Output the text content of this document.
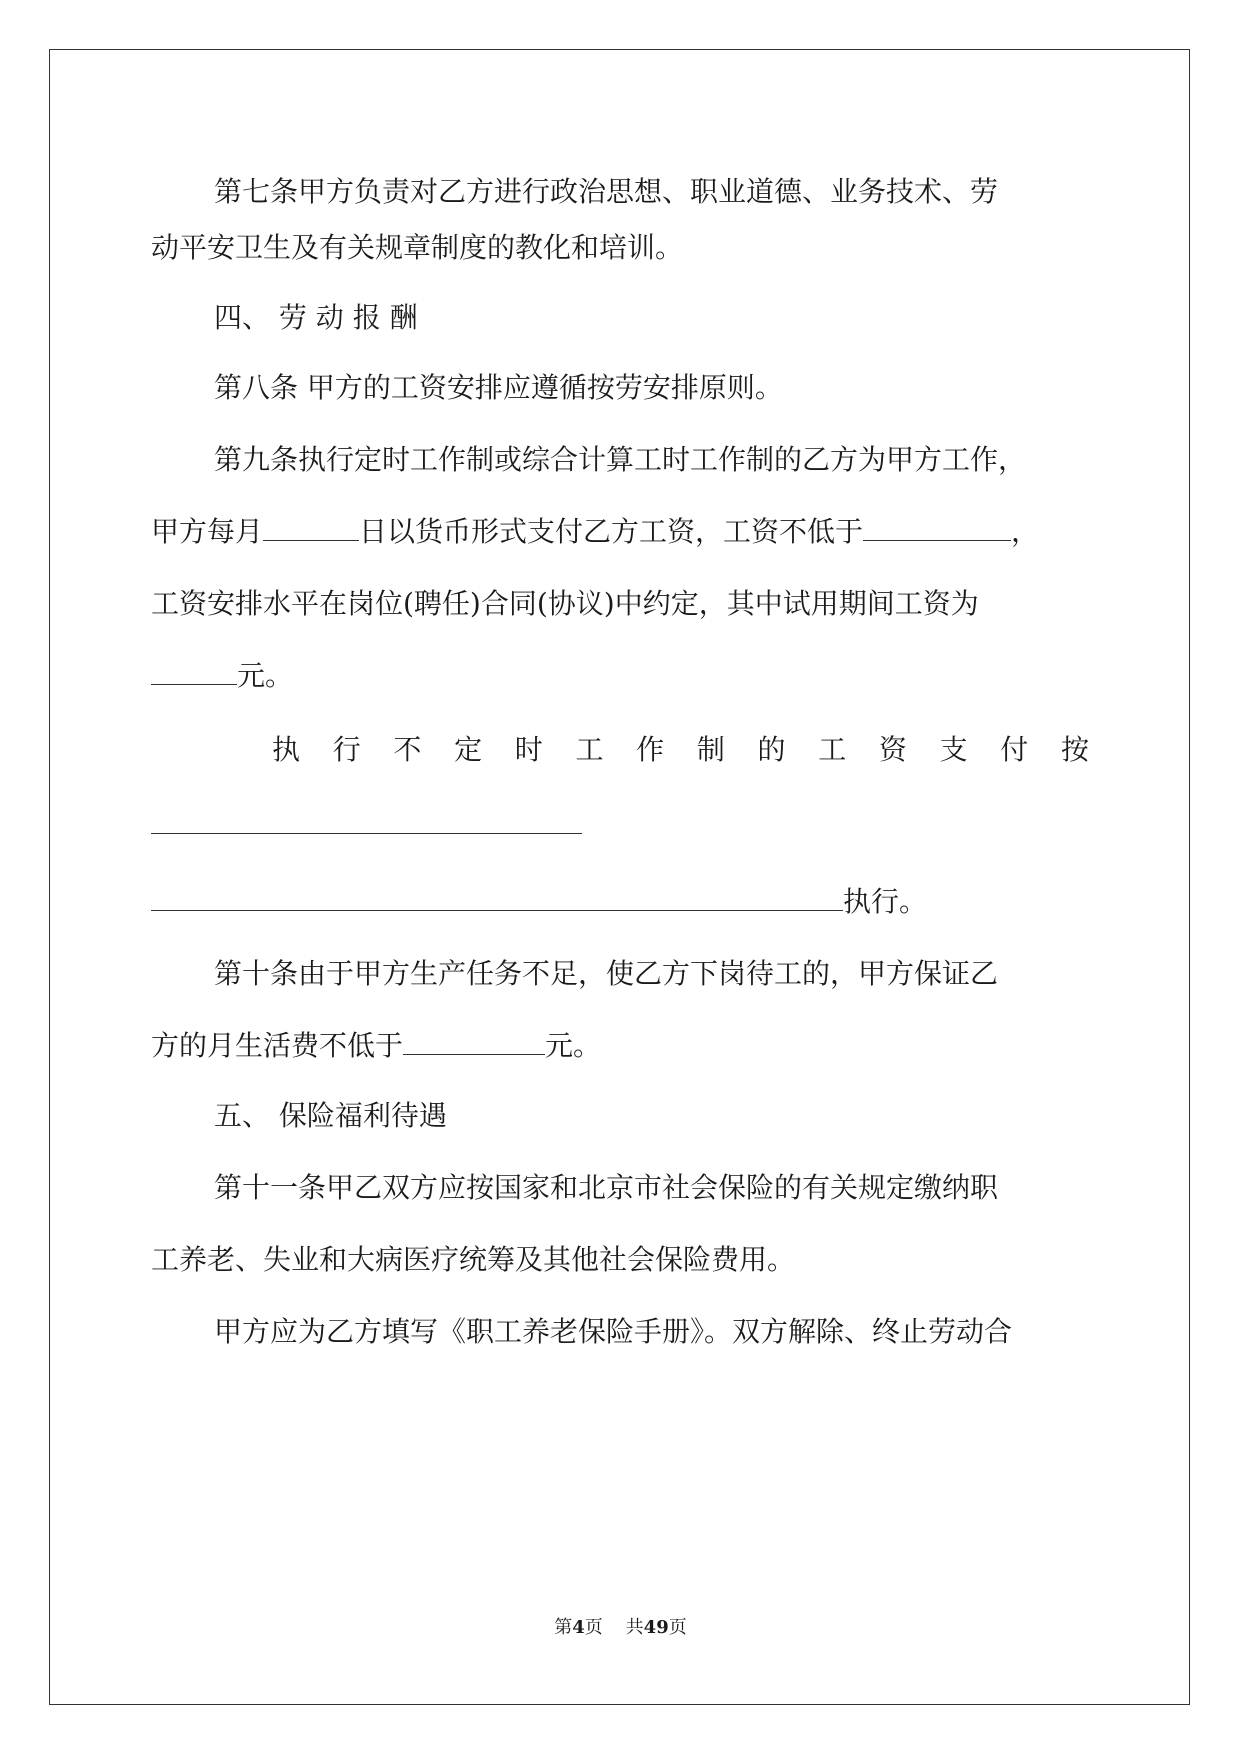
第七条甲方负责对乙方进行政治思想、职业道德、业务技术、劳
动平安卫生及有关规章制度的教化和培训。
四、 劳 动 报 酬
第八条 甲方的工资安排应遵循按劳安排原则。
第九条执行定时工作制或综合计算工时工作制的乙方为甲方工作，
甲方每月	日以货币形式支付乙方工资，工资不低于	，
工资安排水平在岗位(聘任)合同(协议)中约定，其中试用期间工资为
元。
执 行 不 定 时 工 作 制 的 工 资 支 付 按
执行。
第十条由于甲方生产任务不足，使乙方下岗待工的，甲方保证乙
方的月生活费不低于	元。
五、 保险福利待遇
第十一条甲乙双方应按国家和北京市社会保险的有关规定缴纳职
工养老、失业和大病医疗统筹及其他社会保险费用。
甲方应为乙方填写《职工养老保险手册》。双方解除、终止劳动合
第4页    共49页
